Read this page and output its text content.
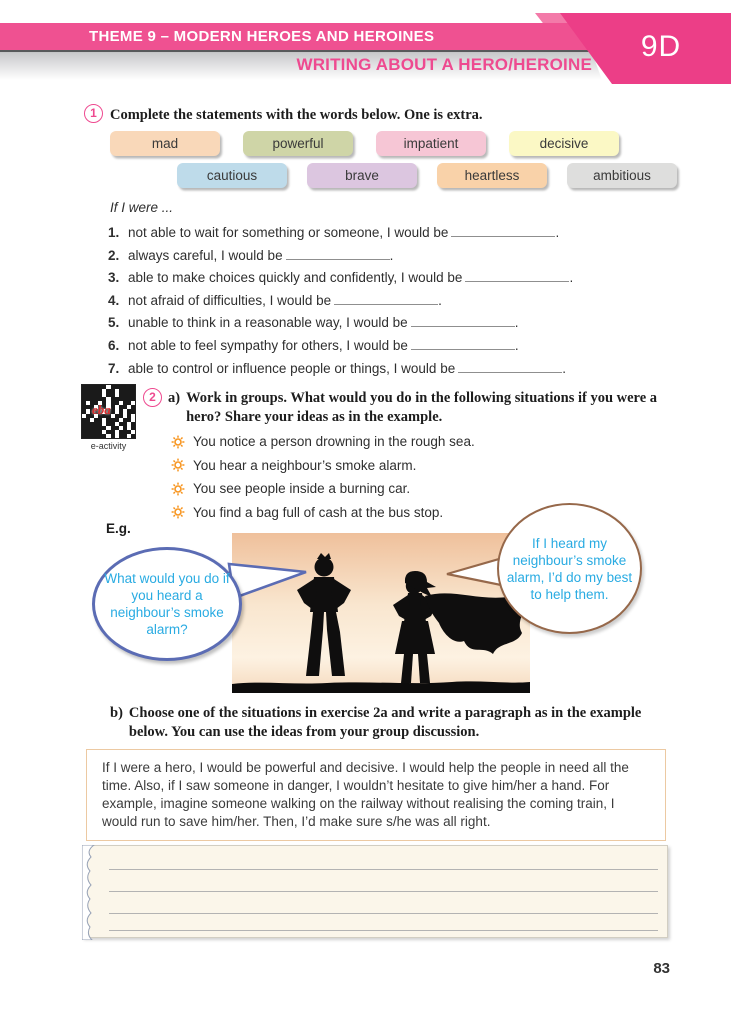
THEME 9 – MODERN HEROES AND HEROINES
WRITING ABOUT A HERO/HEROINE
9D
1 Complete the statements with the words below. One is extra.
mad	powerful	impatient	decisive
cautious	brave	heartless	ambitious
If I were ...
1. not able to wait for something or someone, I would be	.
2. always careful, I would be	.
3. able to make choices quickly and confidently, I would be	.
4. not afraid of difficulties, I would be	.
5. unable to think in a reasonable way, I would be	.
6. not able to feel sympathy for others, I would be	.
7. able to control or influence people or things, I would be	.
eba
e-activity
2 a) Work in groups. What would you do in the following situations if you were a hero? Share your ideas as in the example.
You notice a person drowning in the rough sea.
You hear a neighbour’s smoke alarm.
You see people inside a burning car.
You find a bag full of cash at the bus stop.
E.g.
What would you do if you heard a neighbour’s smoke alarm?
If I heard my neighbour’s smoke alarm, I’d do my best to help them.
b) Choose one of the situations in exercise 2a and write a paragraph as in the example below. You can use the ideas from your group discussion.
If I were a hero, I would be powerful and decisive. I would help the people in need all the time. Also, if I saw someone in danger, I wouldn’t hesitate to give him/her a hand. For example, imagine someone walking on the railway without realising the coming train, I would run to save him/her. Then, I’d make sure s/he was all right.
83
